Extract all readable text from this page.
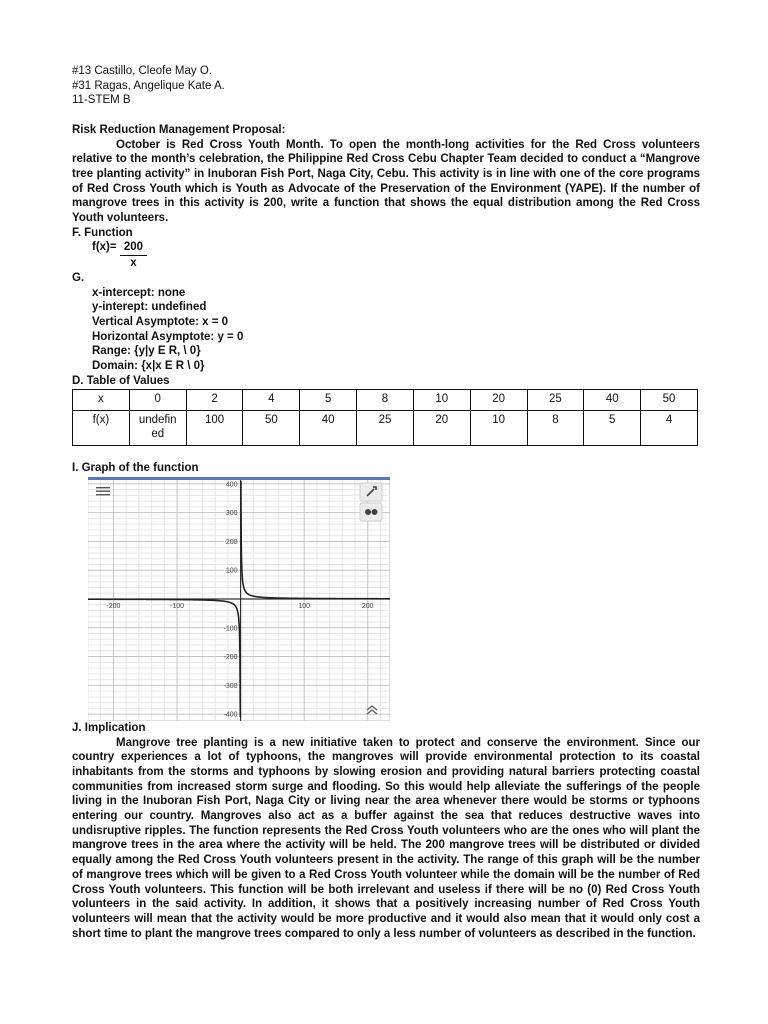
#13 Castillo, Cleofe May O.

#31 Ragas, Angelique Kate A.

11-STEM B

Risk Reduction Management Proposal:

October is Red Cross Youth Month. To open the month-long activities for the Red Cross volunteers relative to the month’s celebration, the Philippine Red Cross Cebu Chapter Team decided to conduct a “Mangrove tree planting activity” in Inuboran Fish Port, Naga City, Cebu. This activity is in line with one of the core programs of Red Cross Youth which is Youth as Advocate of the Preservation of the Environment (YAPE). If the number of mangrove trees in this activity is 200, write a function that shows the equal distribution among the Red Cross Youth volunteers.

F. Function

$f(x)= \frac{200}{x}$

G.

x-intercept: none

y-interept: undefined

Vertical Asymptote: x = 0

Horizontal Asymptote: y = 0

Range: {y|y E R, \ 0}

Domain: {x|x E R \ 0}

D. Table of Values

x	0	2	4	5	8	10	20	25	40	50
f(x)	undefin ed	100	50	40	25	20	10	8	5	4

I. Graph of the function

-200	-100	100	200
400
300
200
100
-100
-200
-300
-400

J. Implication

Mangrove tree planting is a new initiative taken to protect and conserve the environment. Since our country experiences a lot of typhoons, the mangroves will provide environmental protection to its coastal inhabitants from the storms and typhoons by slowing erosion and providing natural barriers protecting coastal communities from increased storm surge and flooding. So this would help alleviate the sufferings of the people living in the Inuboran Fish Port, Naga City or living near the area whenever there would be storms or typhoons entering our country. Mangroves also act as a buffer against the sea that reduces destructive waves into undisruptive ripples. The function represents the Red Cross Youth volunteers who are the ones who will plant the mangrove trees in the area where the activity will be held. The 200 mangrove trees will be distributed or divided equally among the Red Cross Youth volunteers present in the activity. The range of this graph will be the number of mangrove trees which will be given to a Red Cross Youth volunteer while the domain will be the number of Red Cross Youth volunteers. This function will be both irrelevant and useless if there will be no (0) Red Cross Youth volunteers in the said activity. In addition, it shows that a positively increasing number of Red Cross Youth volunteers will mean that the activity would be more productive and it would also mean that it would only cost a short time to plant the mangrove trees compared to only a less number of volunteers as described in the function.
